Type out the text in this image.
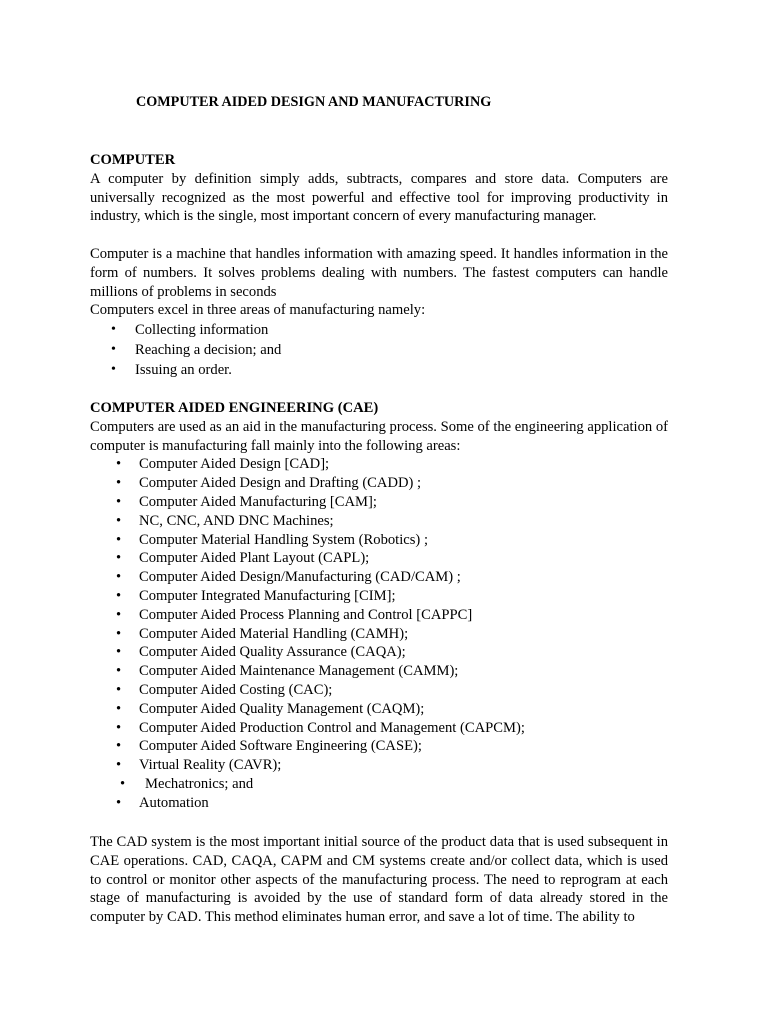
COMPUTER AIDED DESIGN AND MANUFACTURING

COMPUTER

A computer by definition simply adds, subtracts, compares and store data. Computers are universally recognized as the most powerful and effective tool for improving productivity in industry, which is the single, most important concern of every manufacturing manager.

Computer is a machine that handles information with amazing speed. It handles information in the form of numbers. It solves problems dealing with numbers. The fastest computers can handle millions of problems in seconds

Computers excel in three areas of manufacturing namely:

• Collecting information
• Reaching a decision; and
• Issuing an order.

COMPUTER AIDED ENGINEERING (CAE)

Computers are used as an aid in the manufacturing process. Some of the engineering application of computer is manufacturing fall mainly into the following areas:

• Computer Aided Design [CAD];
• Computer Aided Design and Drafting (CADD) ;
• Computer Aided Manufacturing [CAM];
• NC, CNC, AND DNC Machines;
• Computer Material Handling System (Robotics) ;
• Computer Aided Plant Layout (CAPL);
• Computer Aided Design/Manufacturing (CAD/CAM) ;
• Computer Integrated Manufacturing [CIM];
• Computer Aided Process Planning and Control [CAPPC]
• Computer Aided Material Handling (CAMH);
• Computer Aided Quality Assurance (CAQA);
• Computer Aided Maintenance Management (CAMM);
• Computer Aided Costing (CAC);
• Computer Aided Quality Management (CAQM);
• Computer Aided Production Control and Management (CAPCM);
• Computer Aided Software Engineering (CASE);
• Virtual Reality (CAVR);
• Mechatronics; and
• Automation

The CAD system is the most important initial source of the product data that is used subsequent in CAE operations. CAD, CAQA, CAPM and CM systems create and/or collect data, which is used to control or monitor other aspects of the manufacturing process. The need to reprogram at each stage of manufacturing is avoided by the use of standard form of data already stored in the computer by CAD. This method eliminates human error, and save a lot of time. The ability to
